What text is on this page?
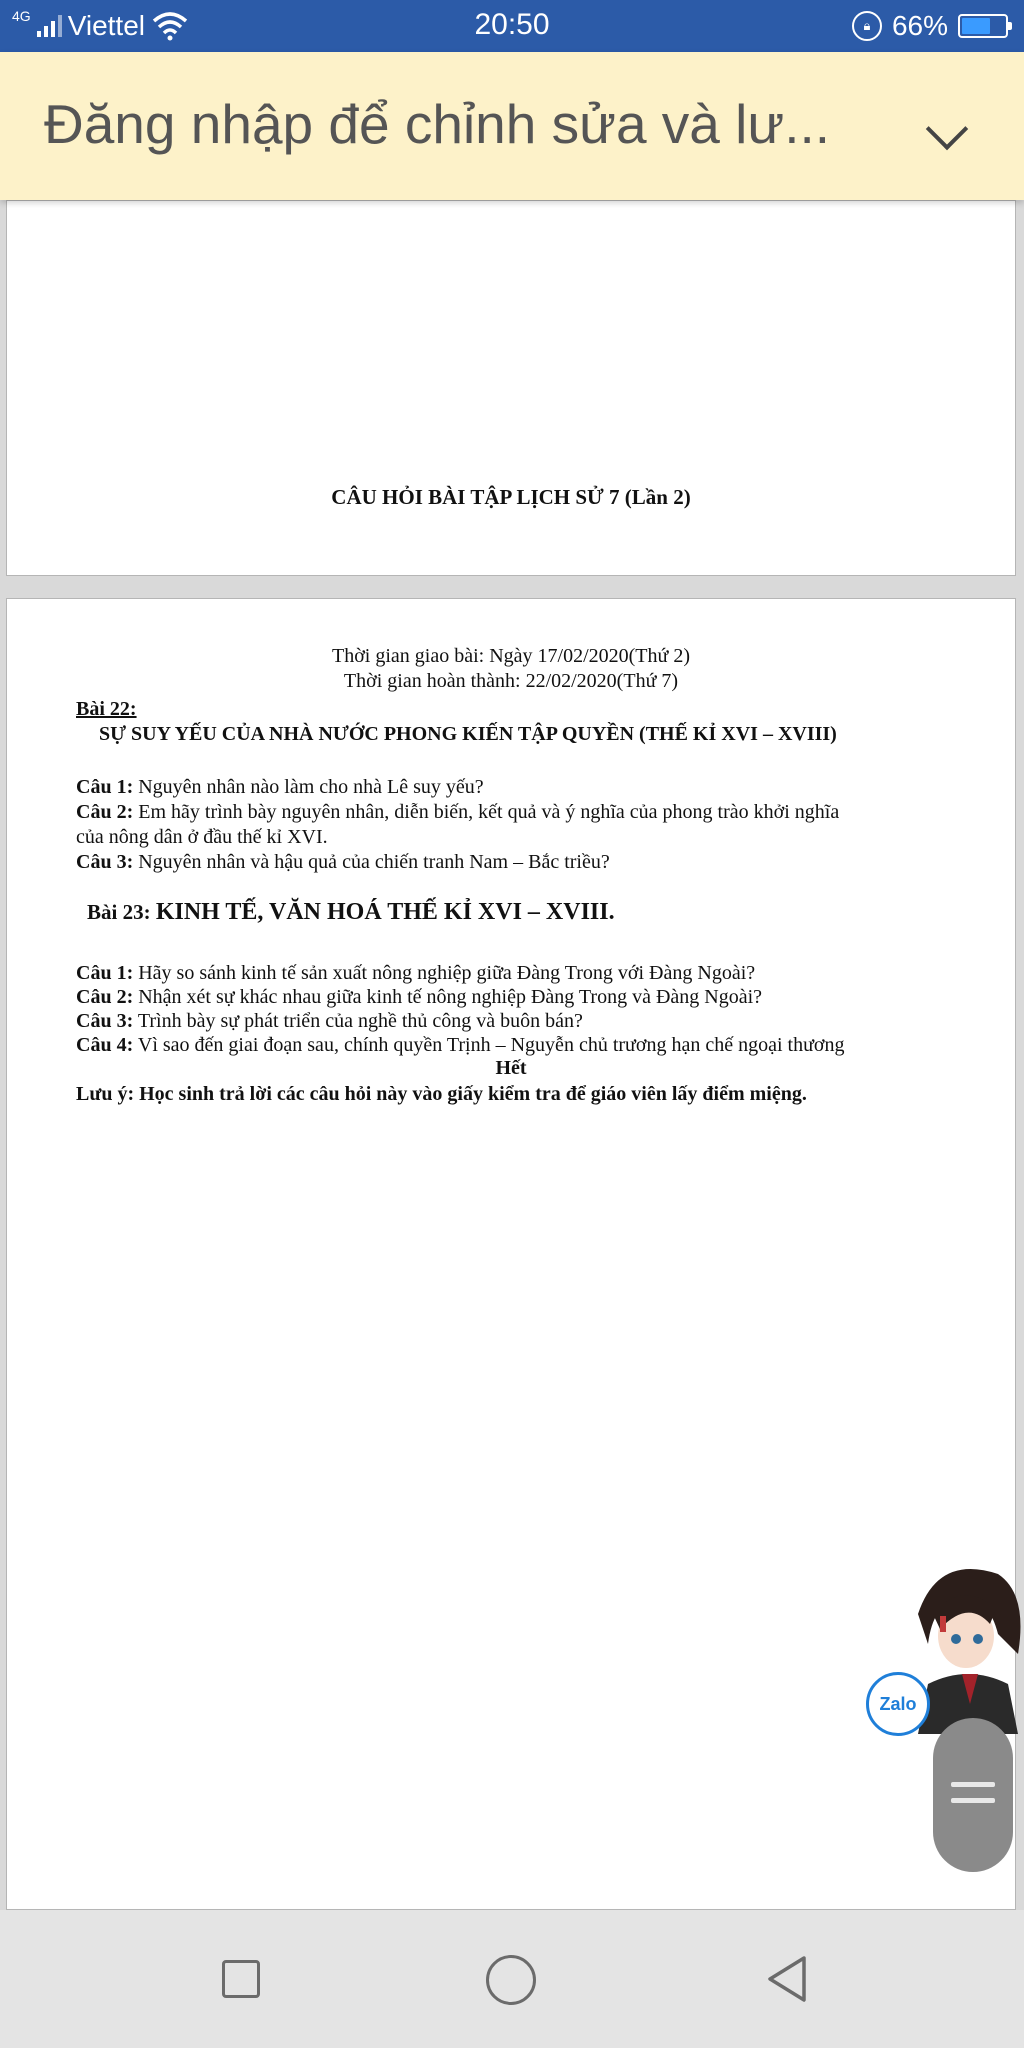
4G Viettel	20:50	🔒︎ 66%
Đăng nhập để chỉnh sửa và lư...
CÂU HỎI BÀI TẬP LỊCH SỬ 7 (Lần 2)
Thời gian giao bài: Ngày 17/02/2020(Thứ 2)
Thời gian hoàn thành: 22/02/2020(Thứ 7)
Bài 22:
SỰ SUY YẾU CỦA NHÀ NƯỚC PHONG KIẾN TẬP QUYỀN (THẾ KỈ XVI – XVIII)
Câu 1: Nguyên nhân nào làm cho nhà Lê suy yếu?
Câu 2: Em hãy trình bày nguyên nhân, diễn biến, kết quả và ý nghĩa của phong trào khởi nghĩa
của nông dân ở đầu thế kỉ XVI.
Câu 3: Nguyên nhân và hậu quả của chiến tranh Nam – Bắc triều?
Bài 23: KINH TẾ, VĂN HOÁ THẾ KỈ XVI – XVIII.
Câu 1: Hãy so sánh kinh tế sản xuất nông nghiệp giữa Đàng Trong với Đàng Ngoài?
Câu 2: Nhận xét sự khác nhau giữa kinh tế nông nghiệp Đàng Trong và Đàng Ngoài?
Câu 3: Trình bày sự phát triển của nghề thủ công và buôn bán?
Câu 4: Vì sao đến giai đoạn sau, chính quyền Trịnh – Nguyễn chủ trương hạn chế ngoại thương
Hết
Lưu ý: Học sinh trả lời các câu hỏi này vào giấy kiểm tra để giáo viên lấy điểm miệng.
Zalo
